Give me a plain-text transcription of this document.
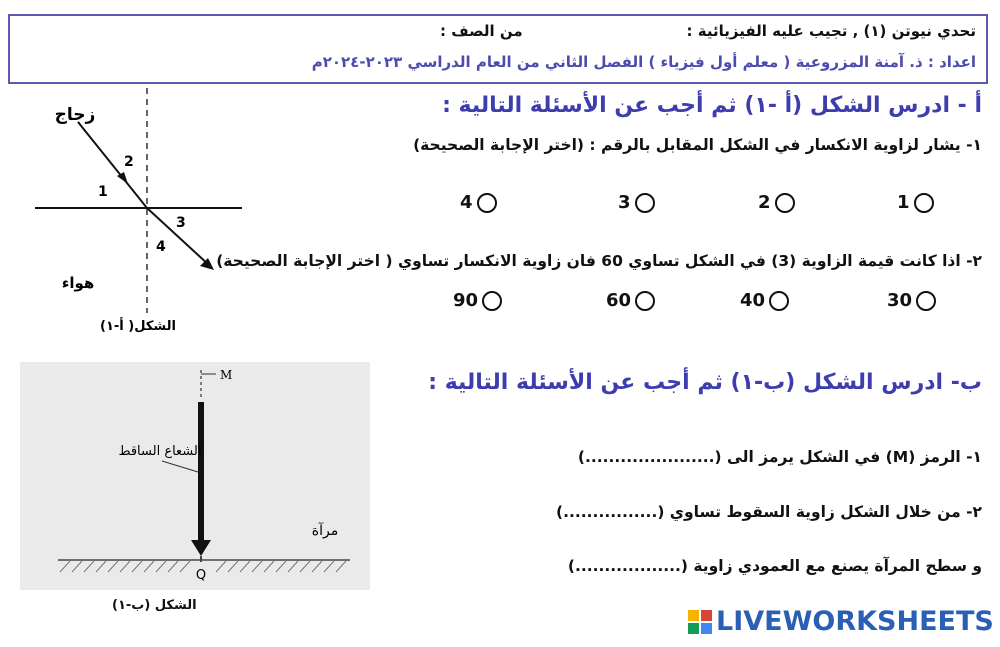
تحدي نيوتن (١) , تجيب عليه الفيزيائية :
من الصف :
اعداد : ذ. آمنة المزروعية ( معلم أول فيزياء ) الفصل الثاني من العام الدراسي ٢٠٢٣-٢٠٢٤م
أ - ادرس الشكل (أ -١) ثم أجب عن الأسئلة التالية :
١- يشار لزاوية الانكسار في الشكل المقابل بالرقم : (اختر الإجابة الصحيحة)
1
2
3
4
٢- اذا كانت قيمة الزاوية (3) في الشكل تساوي 60 فان زاوية الانكسار تساوي ( اختر الإجابة الصحيحة)
30
40
60
90
زجاج
هواء
1
2
3
4
الشكل( أ-١)
ب- ادرس الشكل (ب-١) ثم أجب عن الأسئلة التالية :
١- الرمز (M) في الشكل يرمز الى (......................)
٢- من خلال الشكل زاوية السقوط تساوي (................)
و سطح المرآة يصنع مع العمودي زاوية (..................)
M
الشعاع الساقط
مرآة
Q
الشكل (ب-١)
LIVEWORKSHEETS
